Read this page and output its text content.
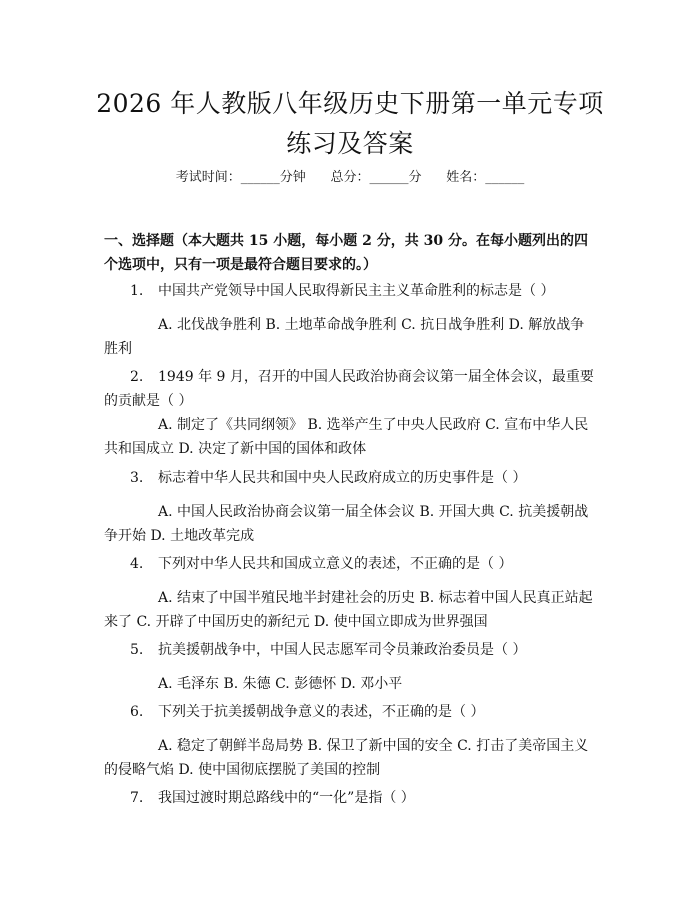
2026 年人教版八年级历史下册第一单元专项
练习及答案
考试时间：______分钟      总分：______分      姓名：______
一、选择题（本大题共 15 小题，每小题 2 分，共 30 分。在每小题列出的四个选项中，只有一项是最符合题目要求的。）
1. 中国共产党领导中国人民取得新民主主义革命胜利的标志是（ ）
A. 北伐战争胜利 B. 土地革命战争胜利 C. 抗日战争胜利 D. 解放战争胜利
2. 1949 年 9 月，召开的中国人民政治协商会议第一届全体会议，最重要的贡献是（ ）
A. 制定了《共同纲领》 B. 选举产生了中央人民政府 C. 宣布中华人民共和国成立 D. 决定了新中国的国体和政体
3. 标志着中华人民共和国中央人民政府成立的历史事件是（ ）
A. 中国人民政治协商会议第一届全体会议 B. 开国大典 C. 抗美援朝战争开始 D. 土地改革完成
4. 下列对中华人民共和国成立意义的表述，不正确的是（ ）
A. 结束了中国半殖民地半封建社会的历史 B. 标志着中国人民真正站起来了 C. 开辟了中国历史的新纪元 D. 使中国立即成为世界强国
5. 抗美援朝战争中，中国人民志愿军司令员兼政治委员是（ ）
A. 毛泽东 B. 朱德 C. 彭德怀 D. 邓小平
6. 下列关于抗美援朝战争意义的表述，不正确的是（ ）
A. 稳定了朝鲜半岛局势 B. 保卫了新中国的安全 C. 打击了美帝国主义的侵略气焰 D. 使中国彻底摆脱了美国的控制
7. 我国过渡时期总路线中的“一化”是指（ ）
